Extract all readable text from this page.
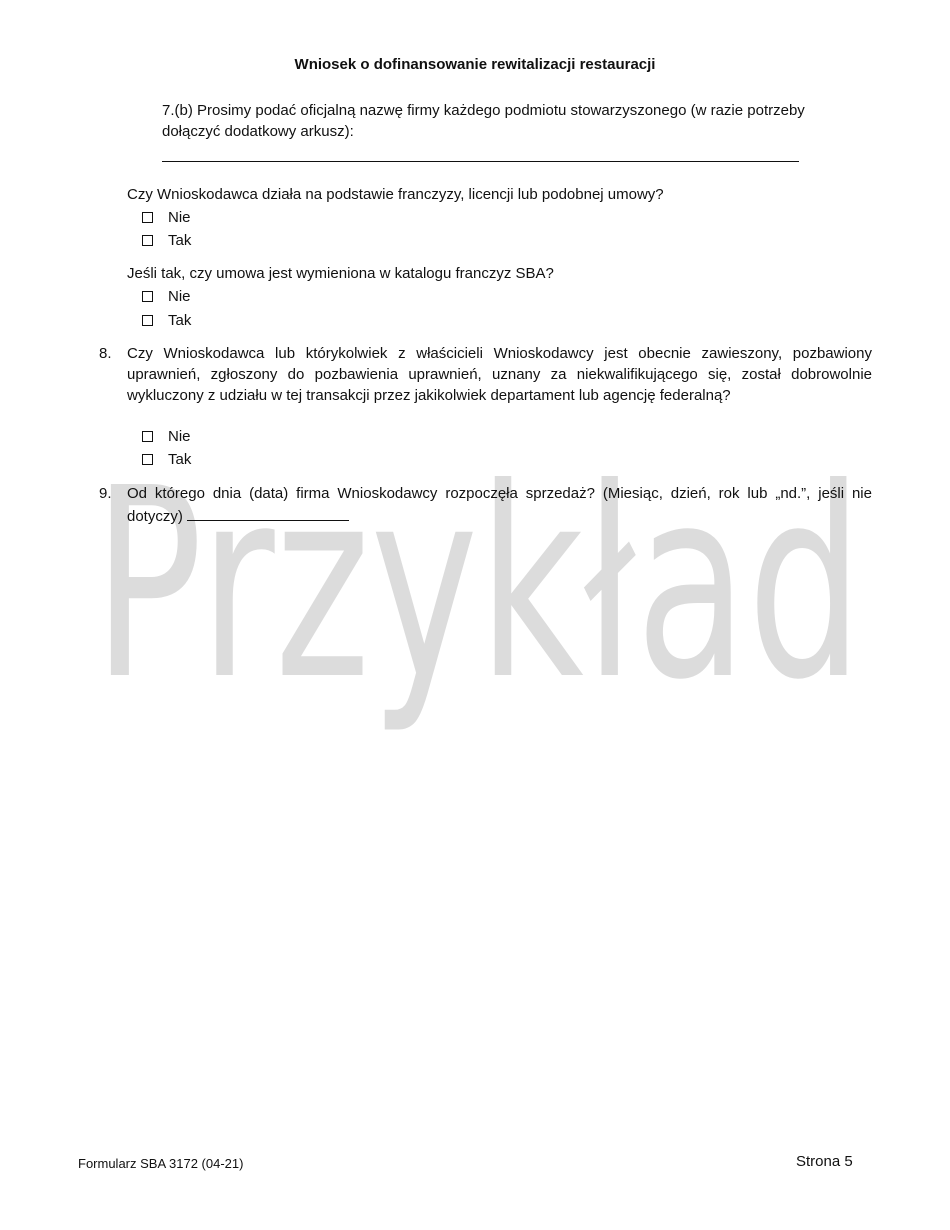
Przykład
Wniosek o dofinansowanie rewitalizacji restauracji
7.(b) Prosimy podać oficjalną nazwę firmy każdego podmiotu stowarzyszonego (w razie potrzeby dołączyć dodatkowy arkusz):
Czy Wnioskodawca działa na podstawie franczyzy, licencji lub podobnej umowy?
Nie
Tak
Jeśli tak, czy umowa jest wymieniona w katalogu franczyz SBA?
Nie
Tak
8. Czy Wnioskodawca lub którykolwiek z właścicieli Wnioskodawcy jest obecnie zawieszony, pozbawiony uprawnień, zgłoszony do pozbawienia uprawnień, uznany za niekwalifikującego się, został dobrowolnie wykluczony z udziału w tej transakcji przez jakikolwiek departament lub agencję federalną?
Nie
Tak
9. Od którego dnia (data) firma Wnioskodawcy rozpoczęła sprzedaż? (Miesiąc, dzień, rok lub „nd.”, jeśli nie dotyczy)
Formularz SBA 3172 (04-21)	Strona 5
